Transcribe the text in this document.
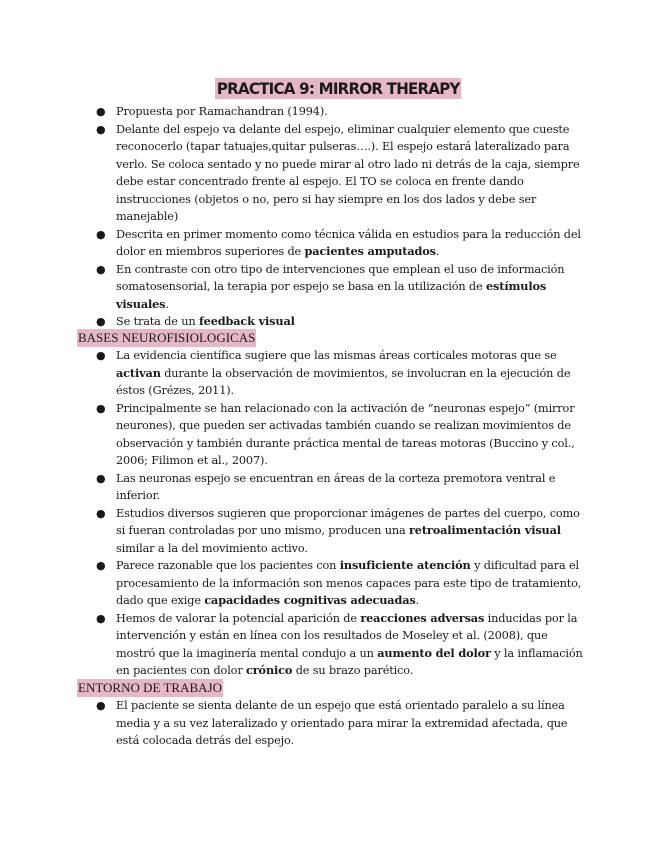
PRACTICA 9: MIRROR THERAPY
● Propuesta por Ramachandran (1994).
● Delante del espejo va delante del espejo, eliminar cualquier elemento que cueste reconocerlo (tapar tatuajes,quitar pulseras….). El espejo estará lateralizado para verlo. Se coloca sentado y no puede mirar al otro lado ni detrás de la caja, siempre debe estar concentrado frente al espejo. El TO se coloca en frente dando instrucciones (objetos o no, pero si hay siempre en los dos lados y debe ser manejable)
● Descrita en primer momento como técnica válida en estudios para la reducción del dolor en miembros superiores de pacientes amputados.
● En contraste con otro tipo de intervenciones que emplean el uso de información somatosensorial, la terapia por espejo se basa en la utilización de estímulos visuales.
● Se trata de un feedback visual
BASES NEUROFISIOLOGICAS
● La evidencia científica sugiere que las mismas áreas corticales motoras que se activan durante la observación de movimientos, se involucran en la ejecución de éstos (Grézes, 2011).
● Principalmente se han relacionado con la activación de “neuronas espejo” (mirror neurones), que pueden ser activadas también cuando se realizan movimientos de observación y también durante práctica mental de tareas motoras (Buccino y col., 2006; Filimon et al., 2007).
● Las neuronas espejo se encuentran en áreas de la corteza premotora ventral e inferior.
● Estudios diversos sugieren que proporcionar imágenes de partes del cuerpo, como si fueran controladas por uno mismo, producen una retroalimentación visual similar a la del movimiento activo.
● Parece razonable que los pacientes con insuficiente atención y dificultad para el procesamiento de la información son menos capaces para este tipo de tratamiento, dado que exige capacidades cognitivas adecuadas.
● Hemos de valorar la potencial aparición de reacciones adversas inducidas por la intervención y están en línea con los resultados de Moseley et al. (2008), que mostró que la imaginería mental condujo a un aumento del dolor y la inflamación en pacientes con dolor crónico de su brazo parético.
ENTORNO DE TRABAJO
● El paciente se sienta delante de un espejo que está orientado paralelo a su línea media y a su vez lateralizado y orientado para mirar la extremidad afectada, que está colocada detrás del espejo.
